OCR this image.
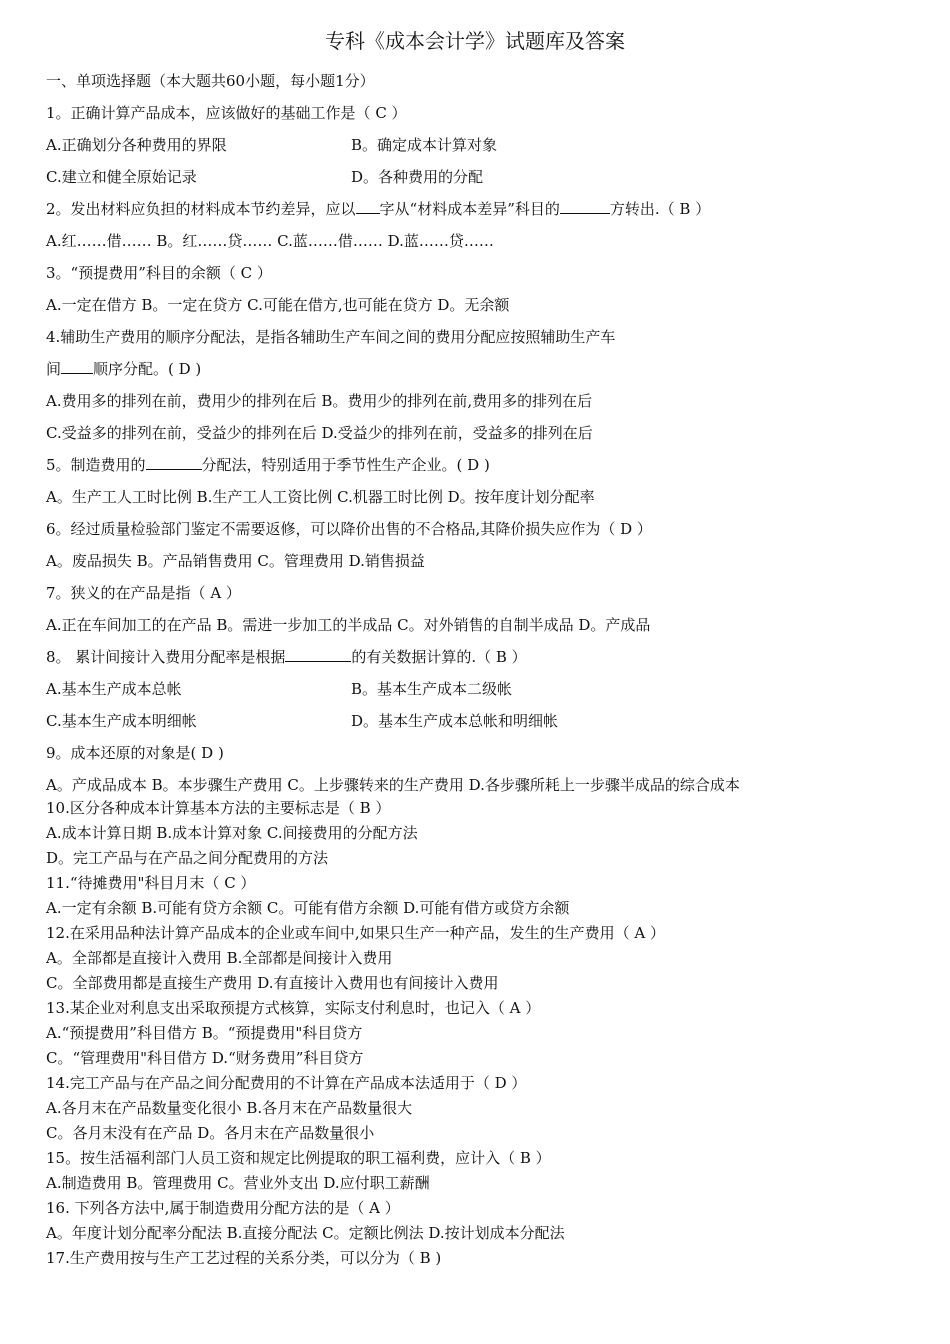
专科《成本会计学》试题库及答案
一、单项选择题（本大题共60小题，每小题1分）
1。正确计算产品成本，应该做好的基础工作是（ C ）
A.正确划分各种费用的界限	B。确定成本计算对象
C.建立和健全原始记录	D。各种费用的分配
2。发出材料应负担的材料成本节约差异，应以 字从“材料成本差异”科目的	方转出.（ B ）
A.红……借…… B。红……贷…… C.蓝……借…… D.蓝……贷……
3。“预提费用”科目的余额（ C ）
A.一定在借方 B。一定在贷方 C.可能在借方,也可能在贷方 D。无余额
4.辅助生产费用的顺序分配法，是指各辅助生产车间之间的费用分配应按照辅助生产车
间 顺序分配。( D )
A.费用多的排列在前，费用少的排列在后 B。费用少的排列在前,费用多的排列在后
C.受益多的排列在前，受益少的排列在后 D.受益少的排列在前，受益多的排列在后
5。制造费用的	分配法，特别适用于季节性生产企业。( D )
A。生产工人工时比例 B.生产工人工资比例 C.机器工时比例 D。按年度计划分配率
6。经过质量检验部门鉴定不需要返修，可以降价出售的不合格品,其降价损失应作为（ D ）
A。废品损失 B。产品销售费用 C。管理费用 D.销售损益
7。狭义的在产品是指（ A ）
A.正在车间加工的在产品 B。需进一步加工的半成品 C。对外销售的自制半成品 D。产成品
8。 累计间接计入费用分配率是根据	的有关数据计算的.（ B ）
A.基本生产成本总帐	B。基本生产成本二级帐
C.基本生产成本明细帐	D。基本生产成本总帐和明细帐
9。成本还原的对象是( D )
A。产成品成本 B。本步骤生产费用 C。上步骤转来的生产费用 D.各步骤所耗上一步骤半成品的综合成本
10.区分各种成本计算基本方法的主要标志是（ B ）
A.成本计算日期 B.成本计算对象 C.间接费用的分配方法
D。完工产品与在产品之间分配费用的方法
11.“待摊费用"科目月末（ C ）
A.一定有余额 B.可能有贷方余额 C。可能有借方余额 D.可能有借方或贷方余额
12.在采用品种法计算产品成本的企业或车间中,如果只生产一种产品，发生的生产费用（ A ）
A。全部都是直接计入费用 B.全部都是间接计入费用
C。全部费用都是直接生产费用 D.有直接计入费用也有间接计入费用
13.某企业对利息支出采取预提方式核算，实际支付利息时，也记入（ A ）
A.“预提费用”科目借方 B。“预提费用"科目贷方
C。“管理费用"科目借方 D.“财务费用”科目贷方
14.完工产品与在产品之间分配费用的不计算在产品成本法适用于（ D ）
A.各月末在产品数量变化很小 B.各月末在产品数量很大
C。各月末没有在产品 D。各月末在产品数量很小
15。按生活福利部门人员工资和规定比例提取的职工福利费，应计入（ B ）
A.制造费用 B。管理费用 C。营业外支出 D.应付职工薪酬
16. 下列各方法中,属于制造费用分配方法的是（ A ）
A。年度计划分配率分配法 B.直接分配法 C。定额比例法 D.按计划成本分配法
17.生产费用按与生产工艺过程的关系分类，可以分为（ B )
